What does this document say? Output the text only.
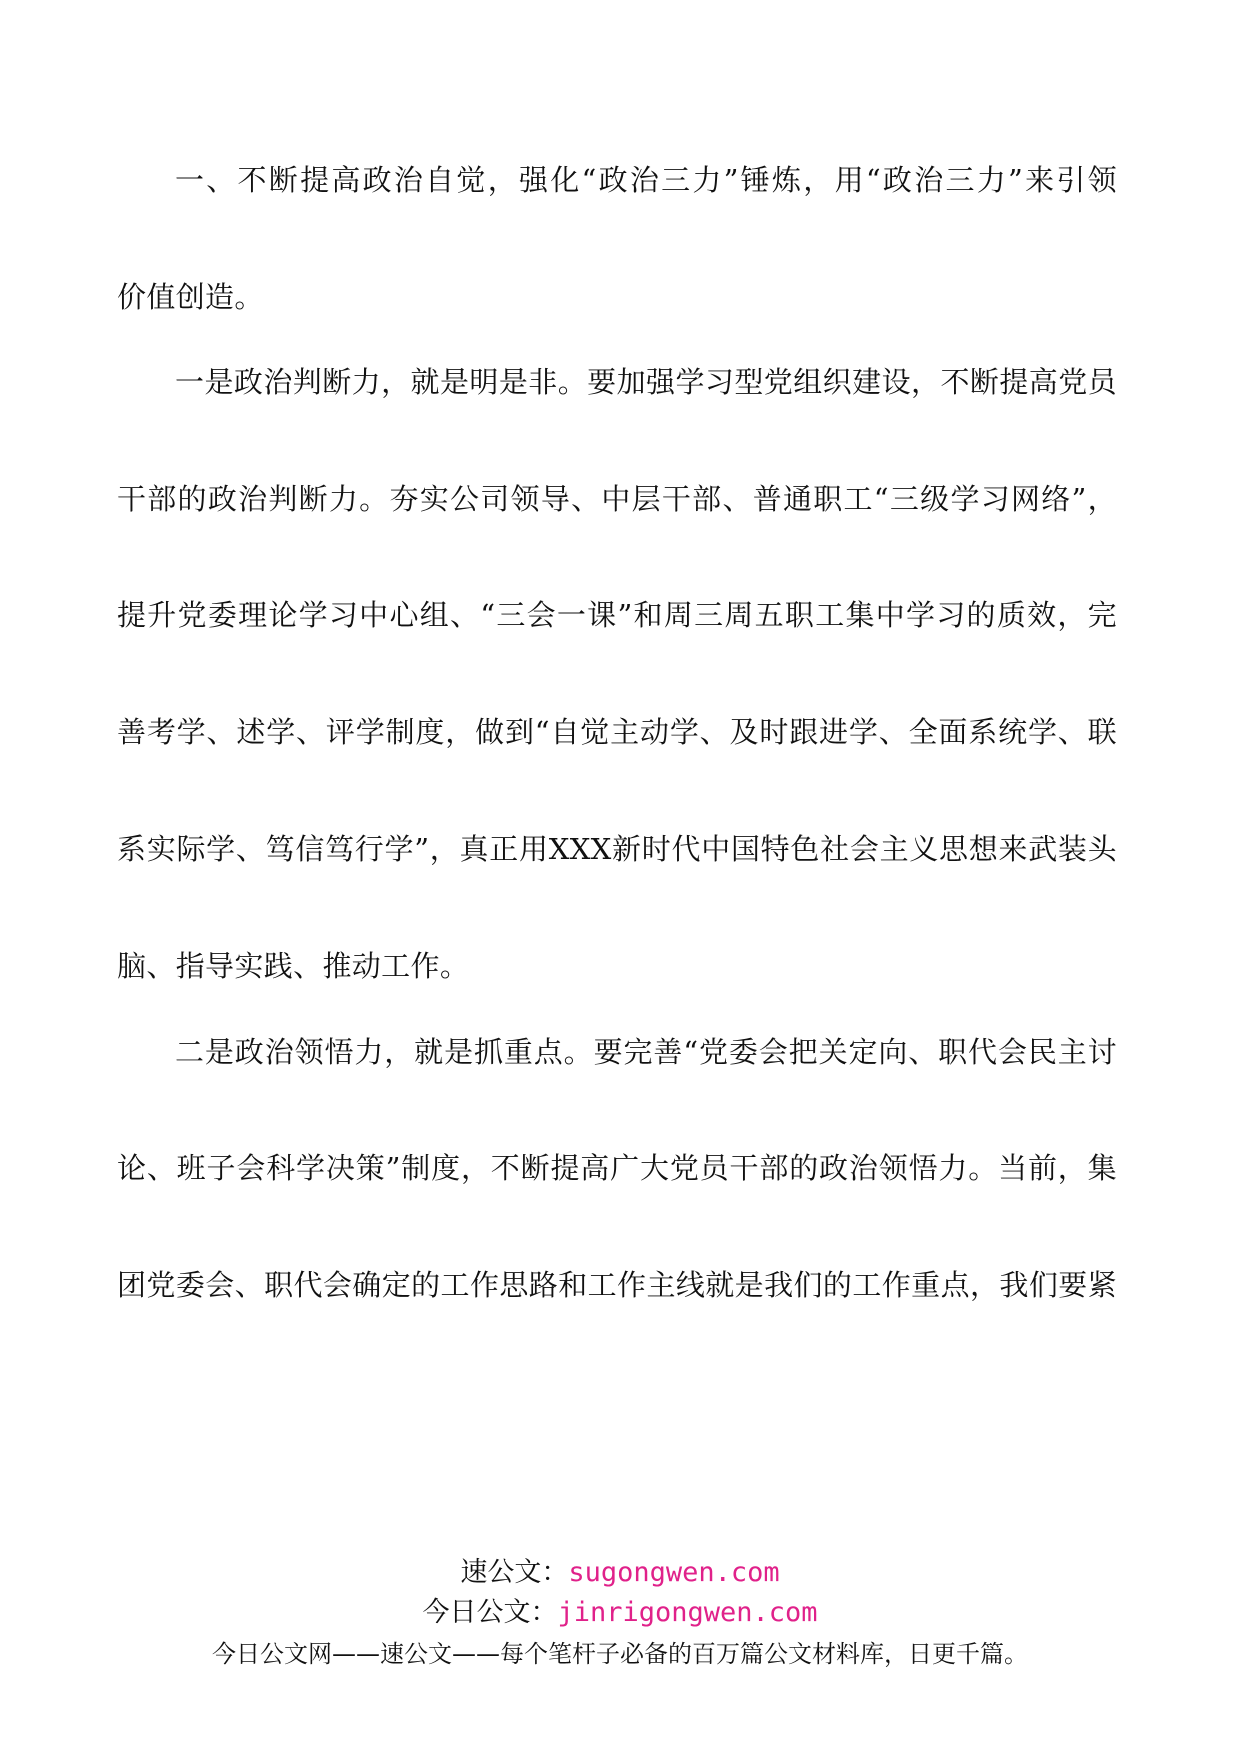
一、不断提高政治自觉，强化“政治三力”锤炼，用“政治三力”来引领
价值创造。
一是政治判断力，就是明是非。要加强学习型党组织建设，不断提高党员
干部的政治判断力。夯实公司领导、中层干部、普通职工“三级学习网络”，
提升党委理论学习中心组、“三会一课”和周三周五职工集中学习的质效，完
善考学、述学、评学制度，做到“自觉主动学、及时跟进学、全面系统学、联
系实际学、笃信笃行学”，真正用XXX新时代中国特色社会主义思想来武装头
脑、指导实践、推动工作。
二是政治领悟力，就是抓重点。要完善“党委会把关定向、职代会民主讨
论、班子会科学决策”制度，不断提高广大党员干部的政治领悟力。当前，集
团党委会、职代会确定的工作思路和工作主线就是我们的工作重点，我们要紧
速公文：sugongwen.com
今日公文：jinrigongwen.com
今日公文网——速公文——每个笔杆子必备的百万篇公文材料库，日更千篇。
